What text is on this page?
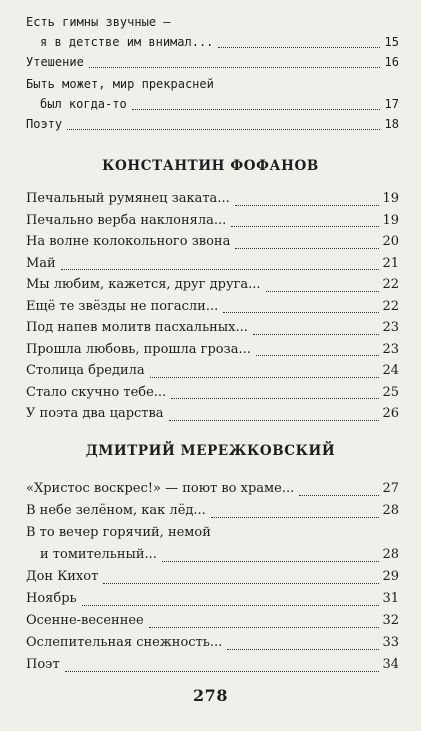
Есть гимны звучные —
я в детстве им внимал...	15
Утешение	16
Быть может, мир прекрасней
был когда-то	17
Поэту	18
КОНСТАНТИН ФОФАНОВ
Печальный румянец заката...	19
Печально верба наклоняла...	19
На волне колокольного звона	20
Май	21
Мы любим, кажется, друг друга...	22
Ещё те звёзды не погасли...	22
Под напев молитв пасхальных...	23
Прошла любовь, прошла гроза...	23
Столица бредила	24
Стало скучно тебе...	25
У поэта два царства	26
ДМИТРИЙ МЕРЕЖКОВСКИЙ
«Христос воскрес!» — поют во храме...	27
В небе зелёном, как лёд...	28
В то вечер горячий, немой
и томительный...	28
Дон Кихот	29
Ноябрь	31
Осенне-весеннее	32
Ослепительная снежность...	33
Поэт	34
278
